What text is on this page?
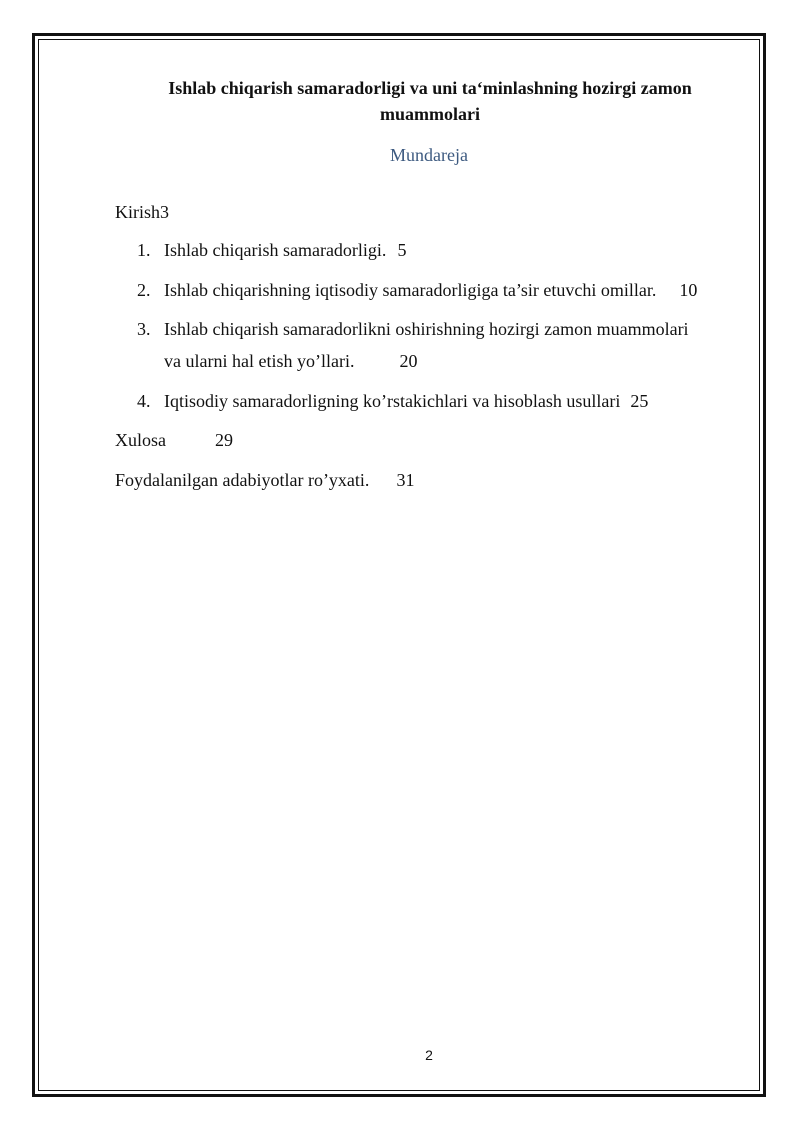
Ishlab chiqarish samaradorligi va uni ta‘minlashning hozirgi zamon muammolari
Mundareja
Kirish3
1. Ishlab chiqarish samaradorligi. 5
2. Ishlab chiqarishning iqtisodiy samaradorligiga ta’sir etuvchi omillar. 10
3. Ishlab chiqarish samaradorlikni oshirishning hozirgi zamon muammolari
va ularni hal etish yo’llari.	20
4. Iqtisodiy samaradorligning ko’rstakichlari va hisoblash usullari 25
Xulosa	29
Foydalanilgan adabiyotlar ro’yxati. 31
2
